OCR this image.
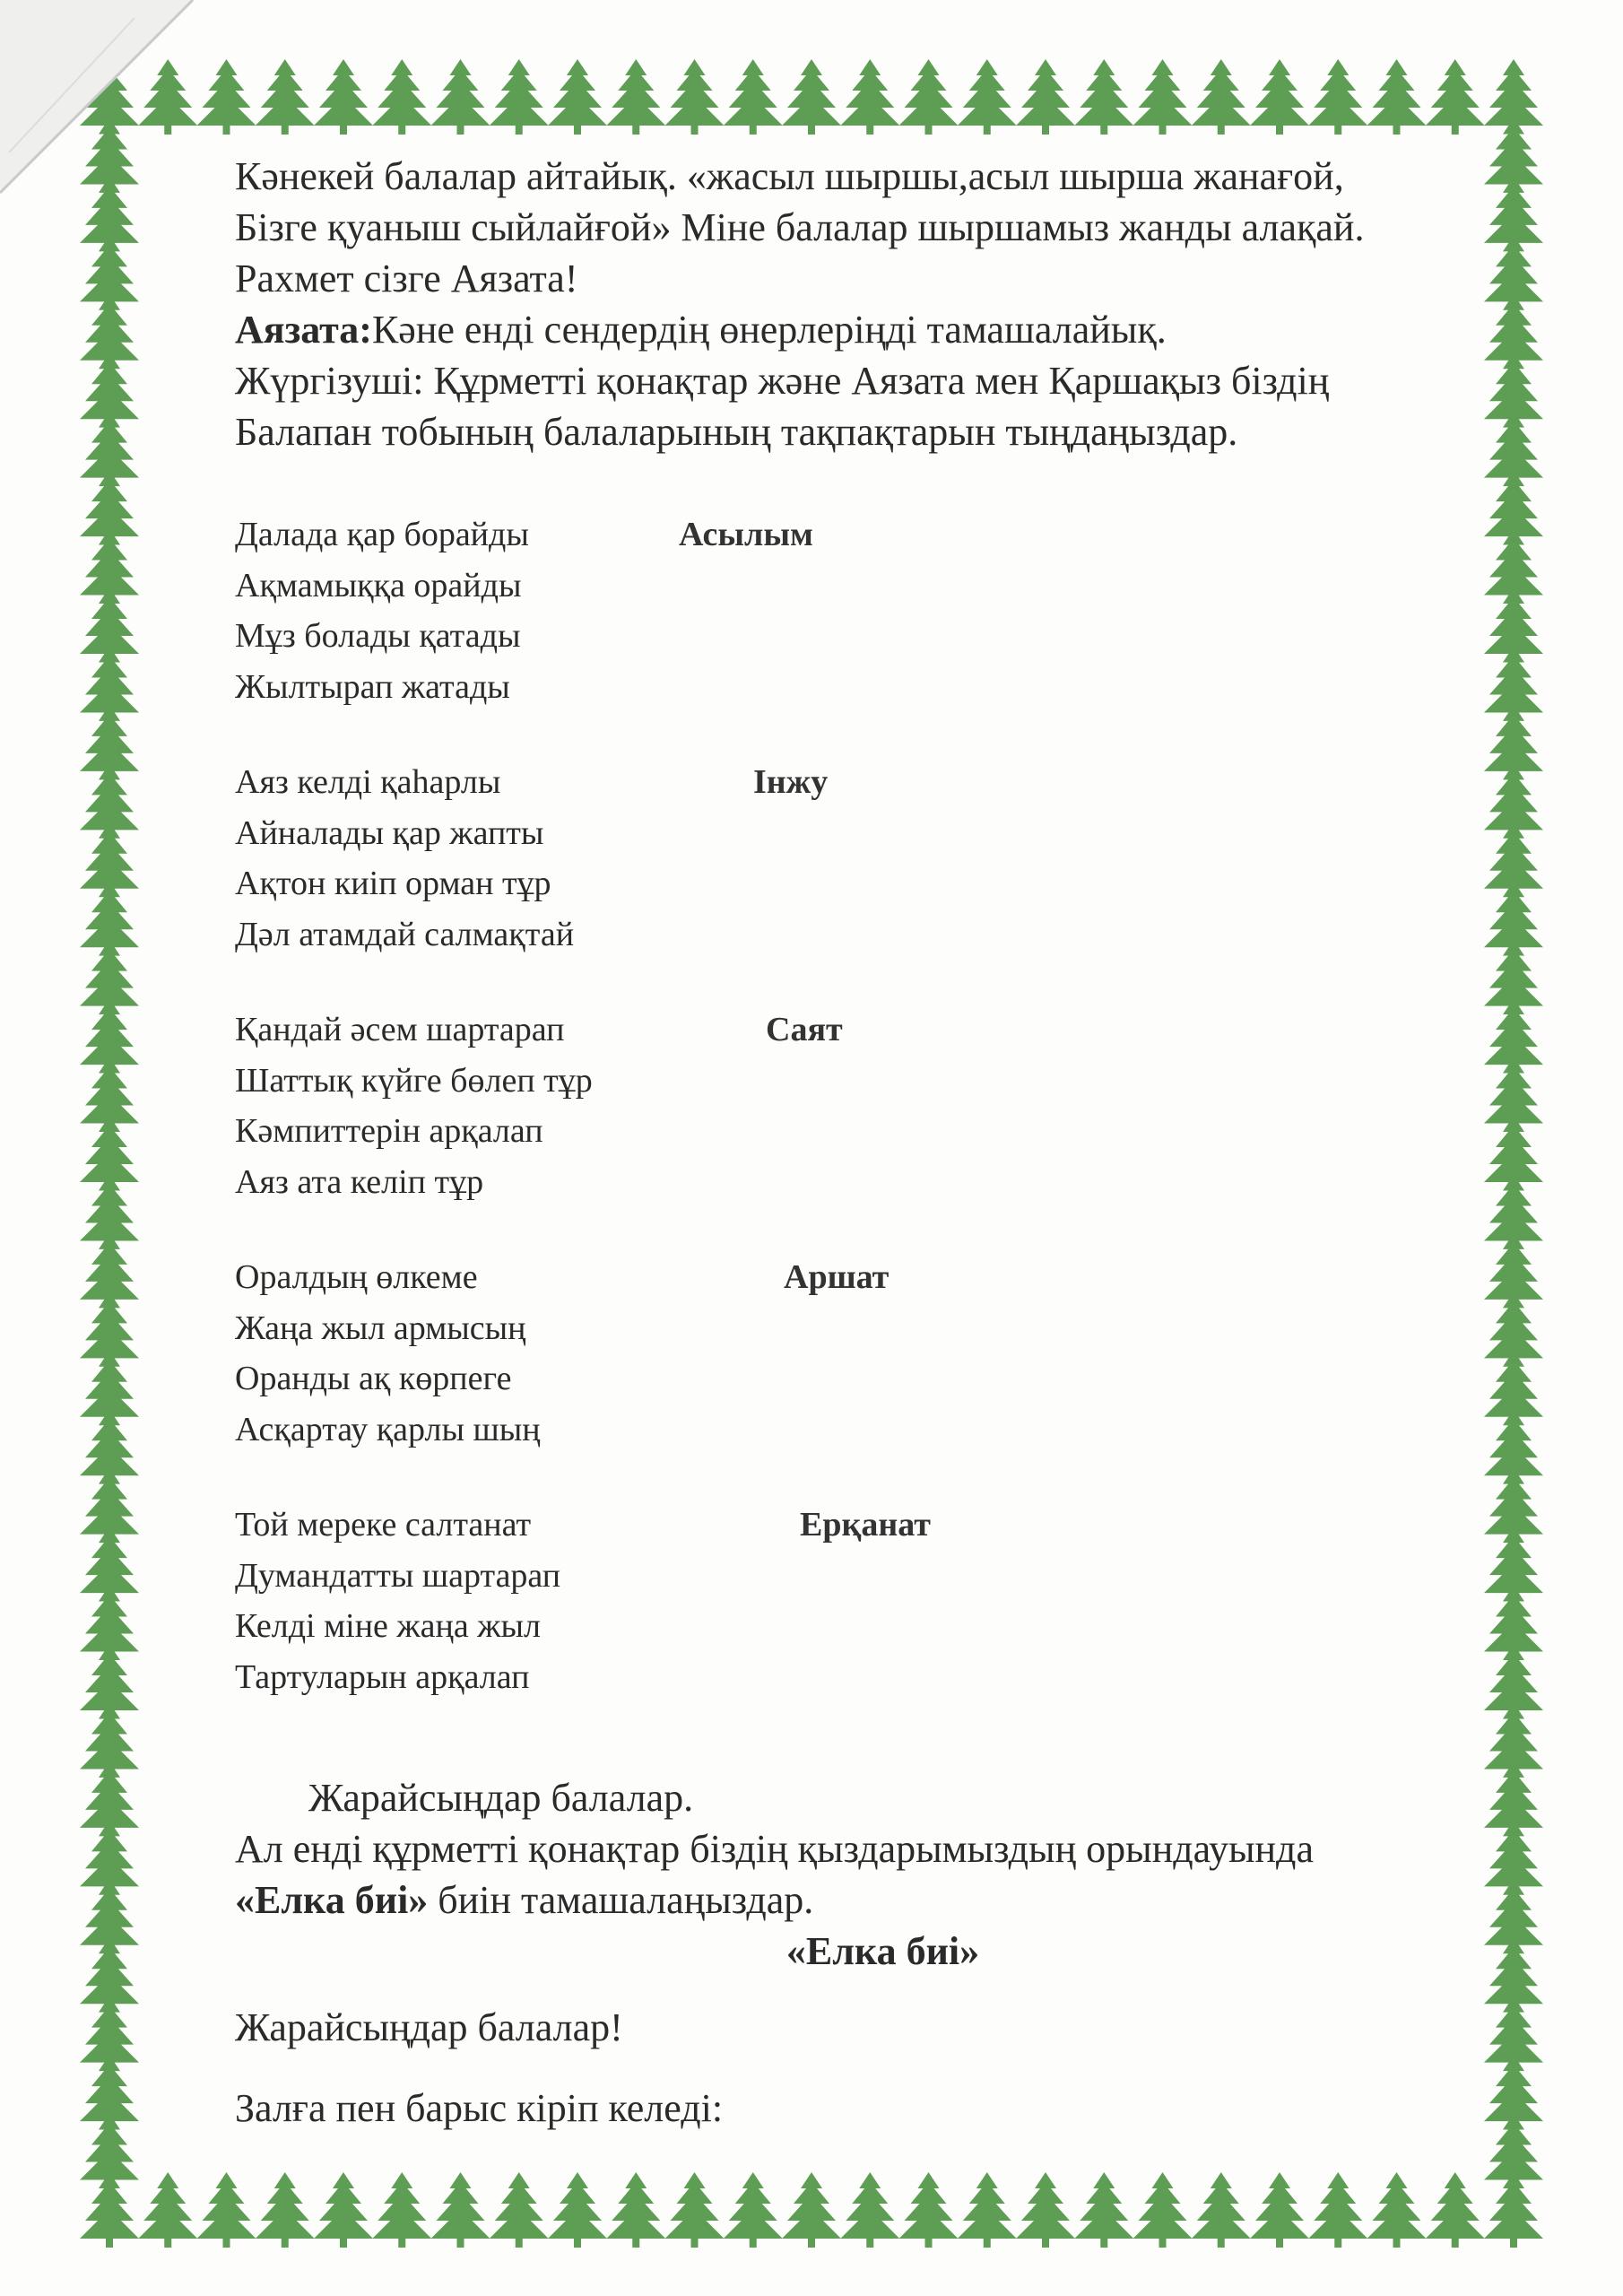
Кәнекей балалар айтайық. «жасыл шыршы,асыл шырша жанағой,
Бізге қуаныш сыйлайғой» Міне балалар шыршамыз жанды алақай.
Рахмет сізге Аязата!
Аязата:Кәне енді сендердің өнерлеріңді тамашалайық.
Жүргізуші: Құрметті қонақтар және Аязата мен Қаршақыз біздің
Балапан тобының балаларының тақпақтарын тыңдаңыздар.
Далада қар борайды
Ақмамыққа орайды
Мұз болады қатады
Жылтырап жатады
Асылым
Аяз келді қаһарлы
Айналады қар жапты
Ақтон киіп орман тұр
Дәл атамдай салмақтай
Інжу
Қандай әсем шартарап
Шаттық күйге бөлеп тұр
Кәмпиттерін арқалап
Аяз ата келіп тұр
Саят
Оралдың өлкеме
Жаңа жыл армысың
Оранды ақ көрпеге
Асқартау қарлы шың
Аршат
Той мереке салтанат
Думандатты шартарап
Келді міне жаңа жыл
Тартуларын арқалап
Ерқанат
Жарайсыңдар балалар.
Ал енді құрметті қонақтар біздің қыздарымыздың орындауында
«Елка биі» биін тамашалаңыздар.
«Елка биі»
Жарайсыңдар балалар!
Залға пен барыс кіріп келеді:
